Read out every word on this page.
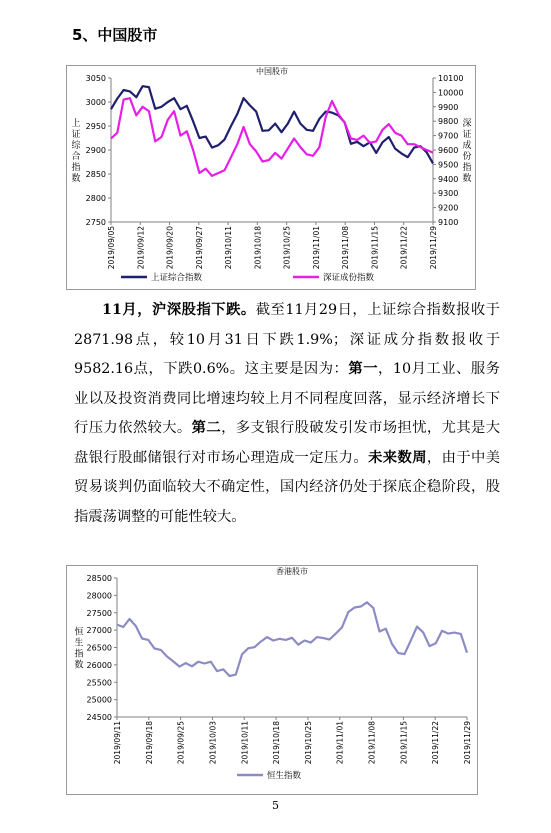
5、中国股市
中国股市
2750
2800
2850
2900
2950
3000
3050
9100
9200
9300
9400
9500
9600
9700
9800
9900
10000
10100
上
证
综
合
指
数
深
证
成
份
指
数
2019/09/05	2019/09/12	2019/09/20	2019/09/27	2019/10/11	2019/10/18	2019/10/25	2019/11/01	2019/11/08	2019/11/15	2019/11/22	2019/11/29
上证综合指数	深证成份指数
11月，沪深股指下跌。截至11月29日，上证综合指数报收于2871.98点，较10月31日下跌1.9%；深证成分指数报收于9582.16点，下跌0.6%。这主要是因为：第一，10月工业、服务业以及投资消费同比增速均较上月不同程度回落，显示经济增长下行压力依然较大。第二，多支银行股破发引发市场担忧，尤其是大盘银行股邮储银行对市场心理造成一定压力。未来数周，由于中美贸易谈判仍面临较大不确定性，国内经济仍处于探底企稳阶段，股指震荡调整的可能性较大。
香港股市
24500
25000
25500
26000
26500
27000
27500
28000
28500
恒
生
指
数
2019/09/11	2019/09/18	2019/09/25	2019/10/03	2019/10/11	2019/10/18	2019/10/25	2019/11/01	2019/11/08	2019/11/15	2019/11/22	2019/11/29
恒生指数
5
